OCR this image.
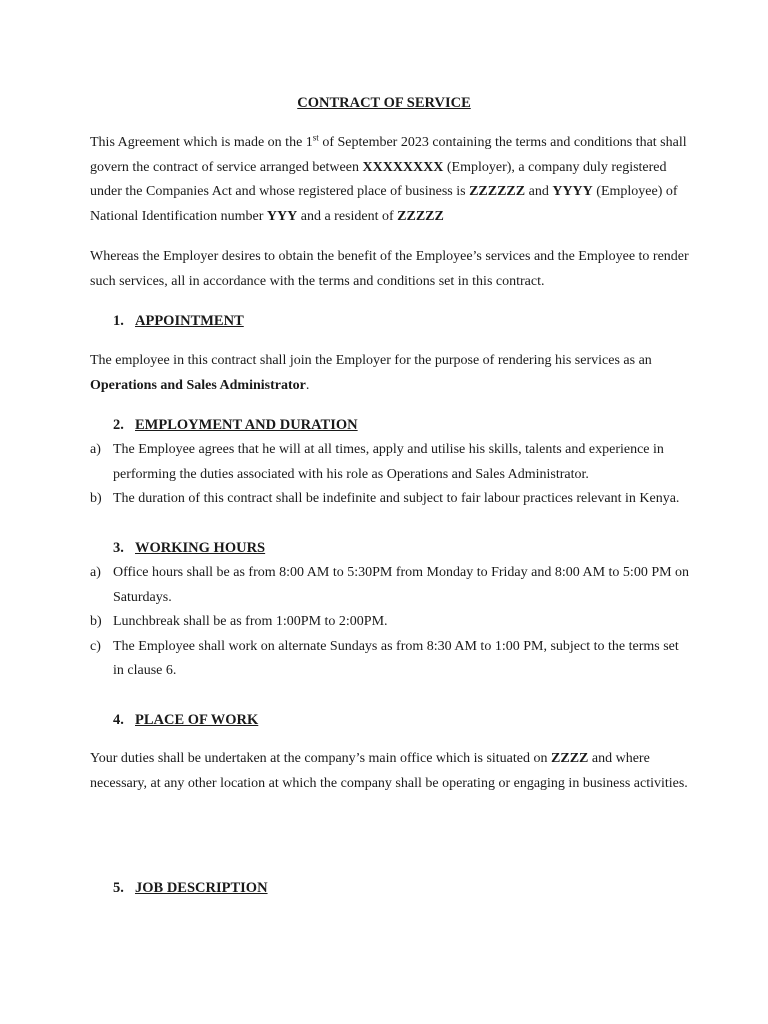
CONTRACT OF SERVICE
This Agreement which is made on the 1st of September 2023 containing the terms and conditions that shall govern the contract of service arranged between XXXXXXXX (Employer), a company duly registered under the Companies Act and whose registered place of business is ZZZZZZ and YYYY (Employee) of National Identification number YYY and a resident of ZZZZZ
Whereas the Employer desires to obtain the benefit of the Employee’s services and the Employee to render such services, all in accordance with the terms and conditions set in this contract.
1. APPOINTMENT
The employee in this contract shall join the Employer for the purpose of rendering his services as an Operations and Sales Administrator.
2. EMPLOYMENT AND DURATION
a) The Employee agrees that he will at all times, apply and utilise his skills, talents and experience in performing the duties associated with his role as Operations and Sales Administrator.
b) The duration of this contract shall be indefinite and subject to fair labour practices relevant in Kenya.
3. WORKING HOURS
a) Office hours shall be as from 8:00 AM to 5:30PM from Monday to Friday and 8:00 AM to 5:00 PM on Saturdays.
b) Lunchbreak shall be as from 1:00PM to 2:00PM.
c) The Employee shall work on alternate Sundays as from 8:30 AM to 1:00 PM, subject to the terms set in clause 6.
4. PLACE OF WORK
Your duties shall be undertaken at the company’s main office which is situated on ZZZZ and where necessary, at any other location at which the company shall be operating or engaging in business activities.
5. JOB DESCRIPTION
